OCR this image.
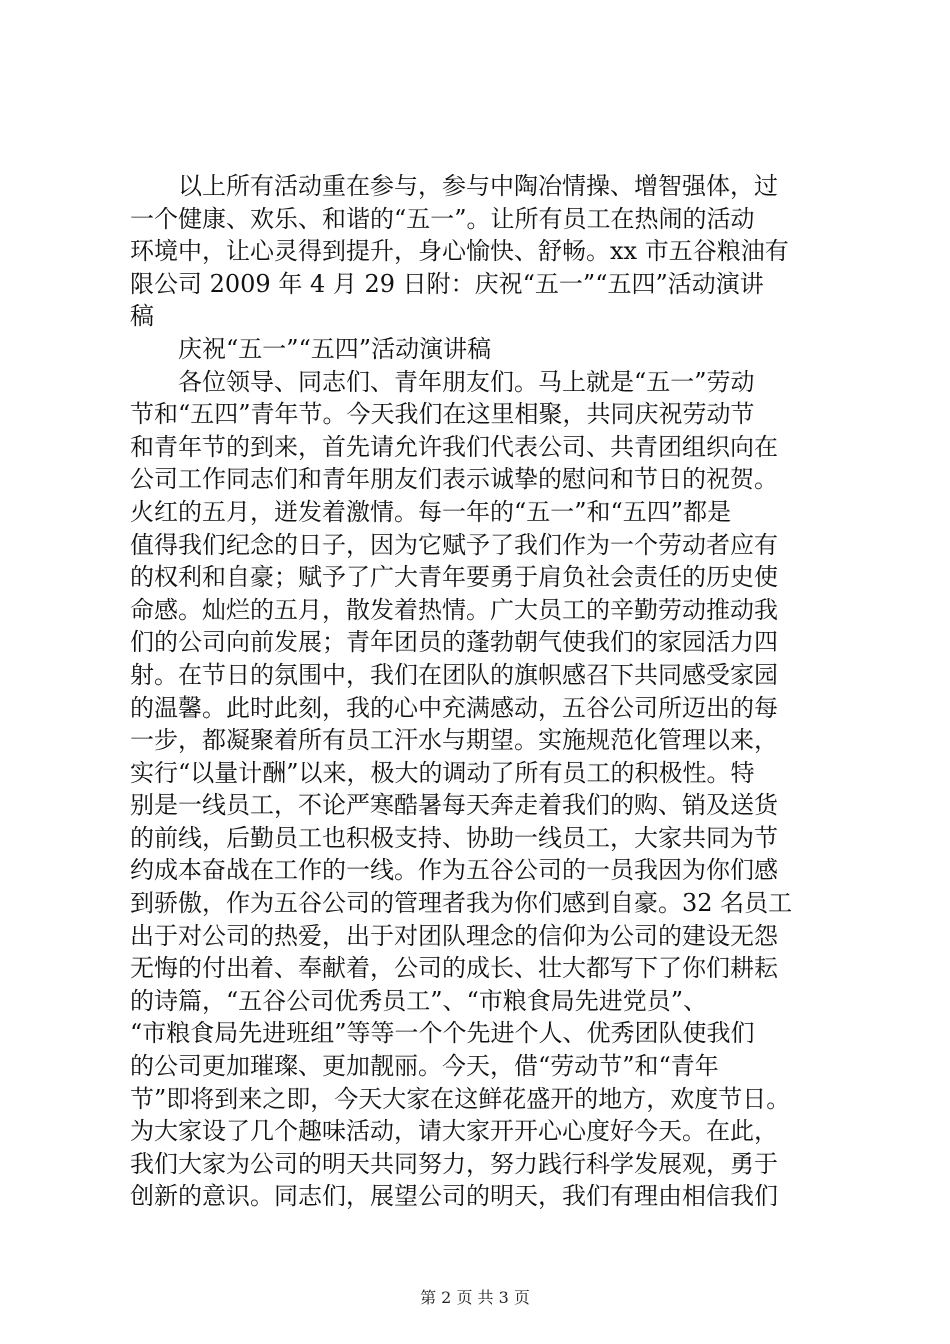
　　以上所有活动重在参与，参与中陶冶情操、增智强体，过
一个健康、欢乐、和谐的“五一”。让所有员工在热闹的活动
环境中，让心灵得到提升，身心愉快、舒畅。xx 市五谷粮油有
限公司 2009 年 4 月 29 日附：庆祝“五一”“五四”活动演讲
稿
　　庆祝“五一”“五四”活动演讲稿
　　各位领导、同志们、青年朋友们。马上就是“五一”劳动
节和“五四”青年节。今天我们在这里相聚，共同庆祝劳动节
和青年节的到来，首先请允许我们代表公司、共青团组织向在
公司工作同志们和青年朋友们表示诚挚的慰问和节日的祝贺。
火红的五月，迸发着激情。每一年的“五一”和“五四”都是
值得我们纪念的日子，因为它赋予了我们作为一个劳动者应有
的权利和自豪；赋予了广大青年要勇于肩负社会责任的历史使
命感。灿烂的五月，散发着热情。广大员工的辛勤劳动推动我
们的公司向前发展；青年团员的蓬勃朝气使我们的家园活力四
射。在节日的氛围中，我们在团队的旗帜感召下共同感受家园
的温馨。此时此刻，我的心中充满感动，五谷公司所迈出的每
一步，都凝聚着所有员工汗水与期望。实施规范化管理以来，
实行“以量计酬”以来，极大的调动了所有员工的积极性。特
别是一线员工，不论严寒酷暑每天奔走着我们的购、销及送货
的前线，后勤员工也积极支持、协助一线员工，大家共同为节
约成本奋战在工作的一线。作为五谷公司的一员我因为你们感
到骄傲，作为五谷公司的管理者我为你们感到自豪。32 名员工
出于对公司的热爱，出于对团队理念的信仰为公司的建设无怨
无悔的付出着、奉献着，公司的成长、壮大都写下了你们耕耘
的诗篇，“五谷公司优秀员工”、“市粮食局先进党员”、
“市粮食局先进班组”等等一个个先进个人、优秀团队使我们
的公司更加璀璨、更加靓丽。今天，借“劳动节”和“青年
节”即将到来之即，今天大家在这鲜花盛开的地方，欢度节日。
为大家设了几个趣味活动，请大家开开心心度好今天。在此，
我们大家为公司的明天共同努力，努力践行科学发展观，勇于
创新的意识。同志们，展望公司的明天，我们有理由相信我们
第 2 页 共 3 页
